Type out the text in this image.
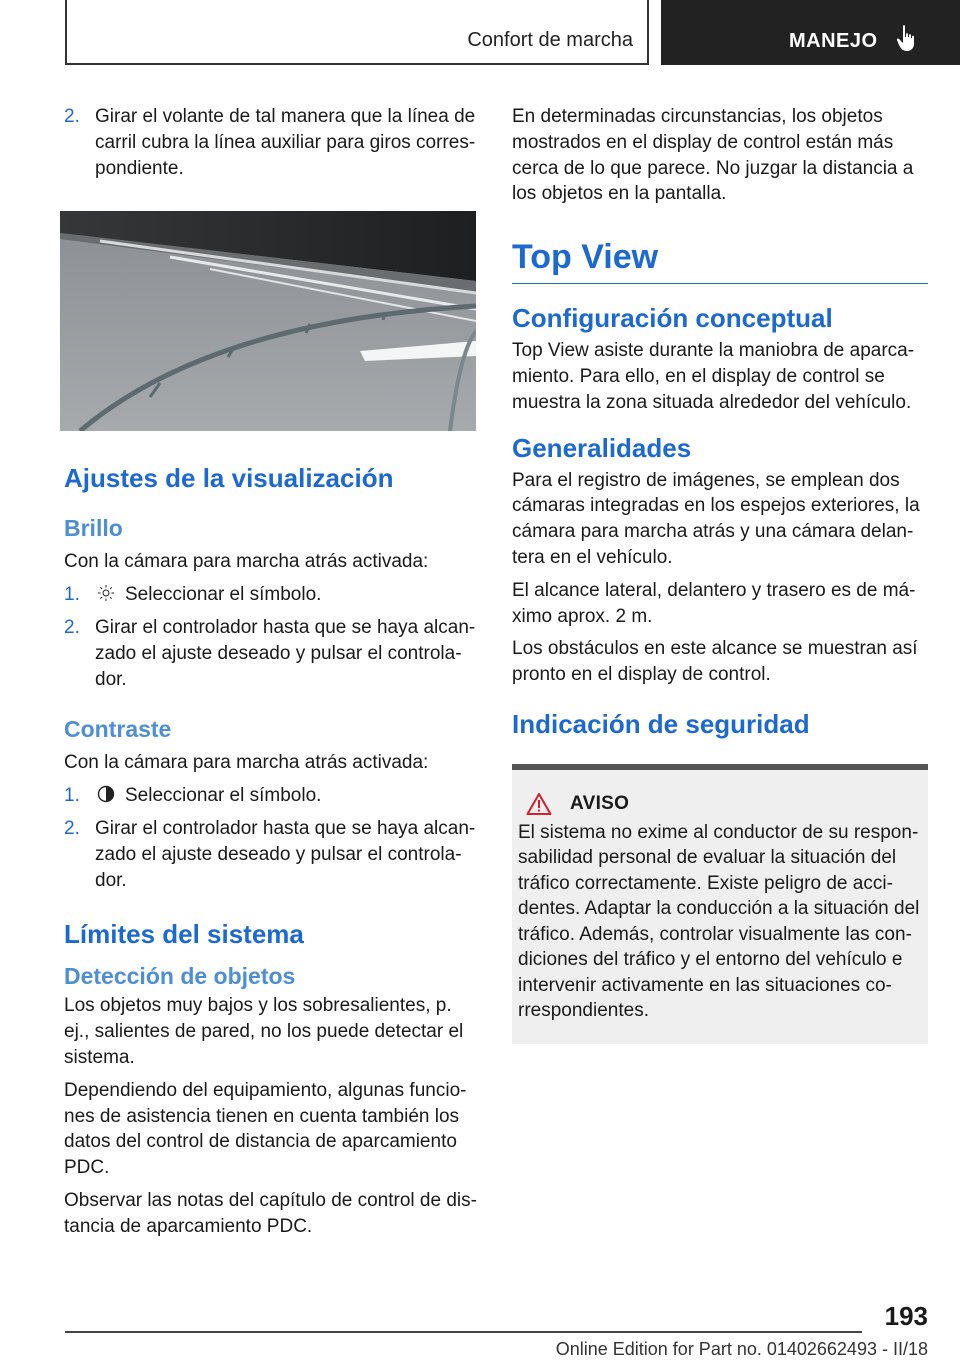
Confort de marcha	MANEJO
2. Girar el volante de tal manera que la línea de carril cubra la línea auxiliar para giros correspondiente.
Ajustes de la visualización
Brillo

Con la cámara para marcha atrás activada:

1.	Seleccionar el símbolo.
2. Girar el controlador hasta que se haya alcanzado el ajuste deseado y pulsar el controlador.
Contraste

Con la cámara para marcha atrás activada:

1.	Seleccionar el símbolo.
2. Girar el controlador hasta que se haya alcanzado el ajuste deseado y pulsar el controlador.
Límites del sistema
Detección de objetos

Los objetos muy bajos y los sobresalientes, p. ej., salientes de pared, no los puede detectar el sistema.

Dependiendo del equipamiento, algunas funciones de asistencia tienen en cuenta también los datos del control de distancia de aparcamiento PDC.

Observar las notas del capítulo de control de distancia de aparcamiento PDC.

En determinadas circunstancias, los objetos mostrados en el display de control están más cerca de lo que parece. No juzgar la distancia a los objetos en la pantalla.

Top View
Configuración conceptual

Top View asiste durante la maniobra de aparcamiento. Para ello, en el display de control se muestra la zona situada alrededor del vehículo.

Generalidades

Para el registro de imágenes, se emplean dos cámaras integradas en los espejos exteriores, la cámara para marcha atrás y una cámara delantera en el vehículo.

El alcance lateral, delantero y trasero es de máximo aprox. 2 m.

Los obstáculos en este alcance se muestran así pronto en el display de control.

Indicación de seguridad
AVISO

El sistema no exime al conductor de su responsabilidad personal de evaluar la situación del tráfico correctamente. Existe peligro de accidentes. Adaptar la conducción a la situación del tráfico. Además, controlar visualmente las condiciones del tráfico y el entorno del vehículo e intervenir activamente en las situaciones correspondientes.

193
Online Edition for Part no. 01402662493 - II/18
